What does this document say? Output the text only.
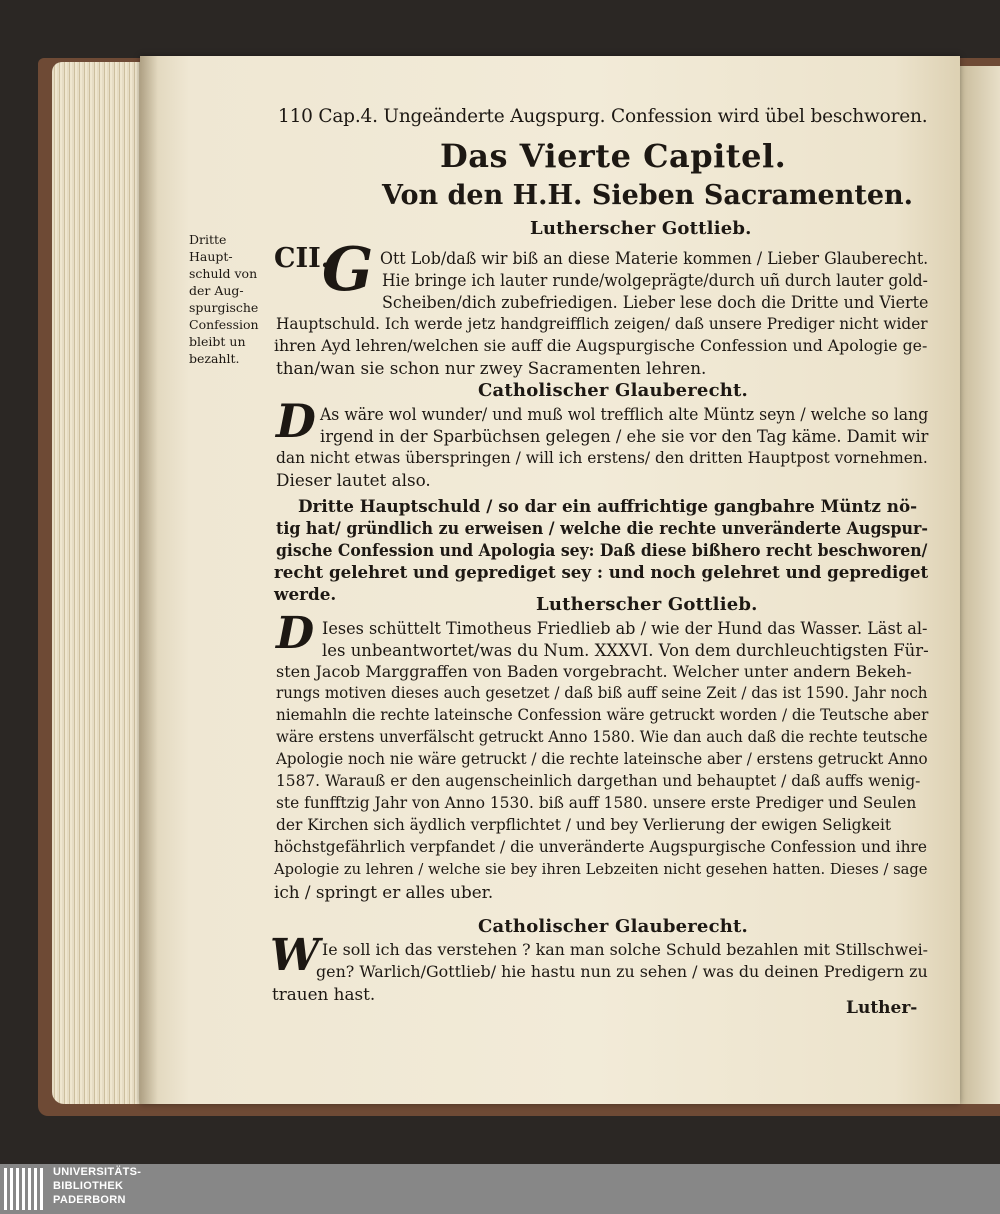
110 Cap.4. Ungeänderte Augspurg. Confession wird übel beschworen.
Das Vierte Capitel.
Von den H.H. Sieben Sacramenten.
Dritte
Haupt-
schuld von
der Aug-
spurgische
Confession
bleibt un
bezahlt.
Lutherscher Gottlieb.
CII.
G Ott Lob/daß wir biß an diese Materie kommen / Lieber Glauberecht.
Hie bringe ich lauter runde/wolgeprägte/durch uñ durch lauter gold-
Scheiben/dich zubefriedigen. Lieber lese doch die Dritte und Vierte
Hauptschuld. Ich werde jetz handgreifflich zeigen/ daß unsere Prediger nicht wider
ihren Ayd lehren/welchen sie auff die Augspurgische Confession und Apologie ge-
than/wan sie schon nur zwey Sacramenten lehren.
Catholischer Glauberecht.
D As wäre wol wunder/ und muß wol trefflich alte Müntz seyn / welche so lang
irgend in der Sparbüchsen gelegen / ehe sie vor den Tag käme. Damit wir
dan nicht etwas überspringen / will ich erstens/ den dritten Hauptpost vornehmen.
Dieser lautet also.
Dritte Hauptschuld / so dar ein auffrichtige gangbahre Müntz nö-
tig hat/ gründlich zu erweisen / welche die rechte unveränderte Augspur-
gische Confession und Apologia sey: Daß diese bißhero recht beschworen/
recht gelehret und geprediget sey : und noch gelehret und geprediget
werde.	Lutherscher Gottlieb.
D Ieses schüttelt Timotheus Friedlieb ab / wie der Hund das Wasser. Läst al-
les unbeantwortet/was du Num. XXXVI. Von dem durchleuchtigsten Für-
sten Jacob Marggraffen von Baden vorgebracht. Welcher unter andern Bekeh-
rungs motiven dieses auch gesetzet / daß biß auff seine Zeit / das ist 1590. Jahr noch
niemahln die rechte lateinsche Confession wäre getruckt worden / die Teutsche aber
wäre erstens unverfälscht getruckt Anno 1580. Wie dan auch daß die rechte teutsche
Apologie noch nie wäre getruckt / die rechte lateinsche aber / erstens getruckt Anno
1587. Warauß er den augenscheinlich dargethan und behauptet / daß auffs wenig-
ste funfftzig Jahr von Anno 1530. biß auff 1580. unsere erste Prediger und Seulen
der Kirchen sich äydlich verpflichtet / und bey Verlierung der ewigen Seligkeit
höchstgefährlich verpfandet / die unveränderte Augspurgische Confession und ihre
Apologie zu lehren / welche sie bey ihren Lebzeiten nicht gesehen hatten. Dieses / sage
ich / springt er alles uber.
Catholischer Glauberecht.
W Ie soll ich das verstehen ? kan man solche Schuld bezahlen mit Stillschwei-
gen? Warlich/Gottlieb/ hie hastu nun zu sehen / was du deinen Predigern zu
trauen hast.
Luther-
UNIVERSITÄTS-
BIBLIOTHEK
PADERBORN
